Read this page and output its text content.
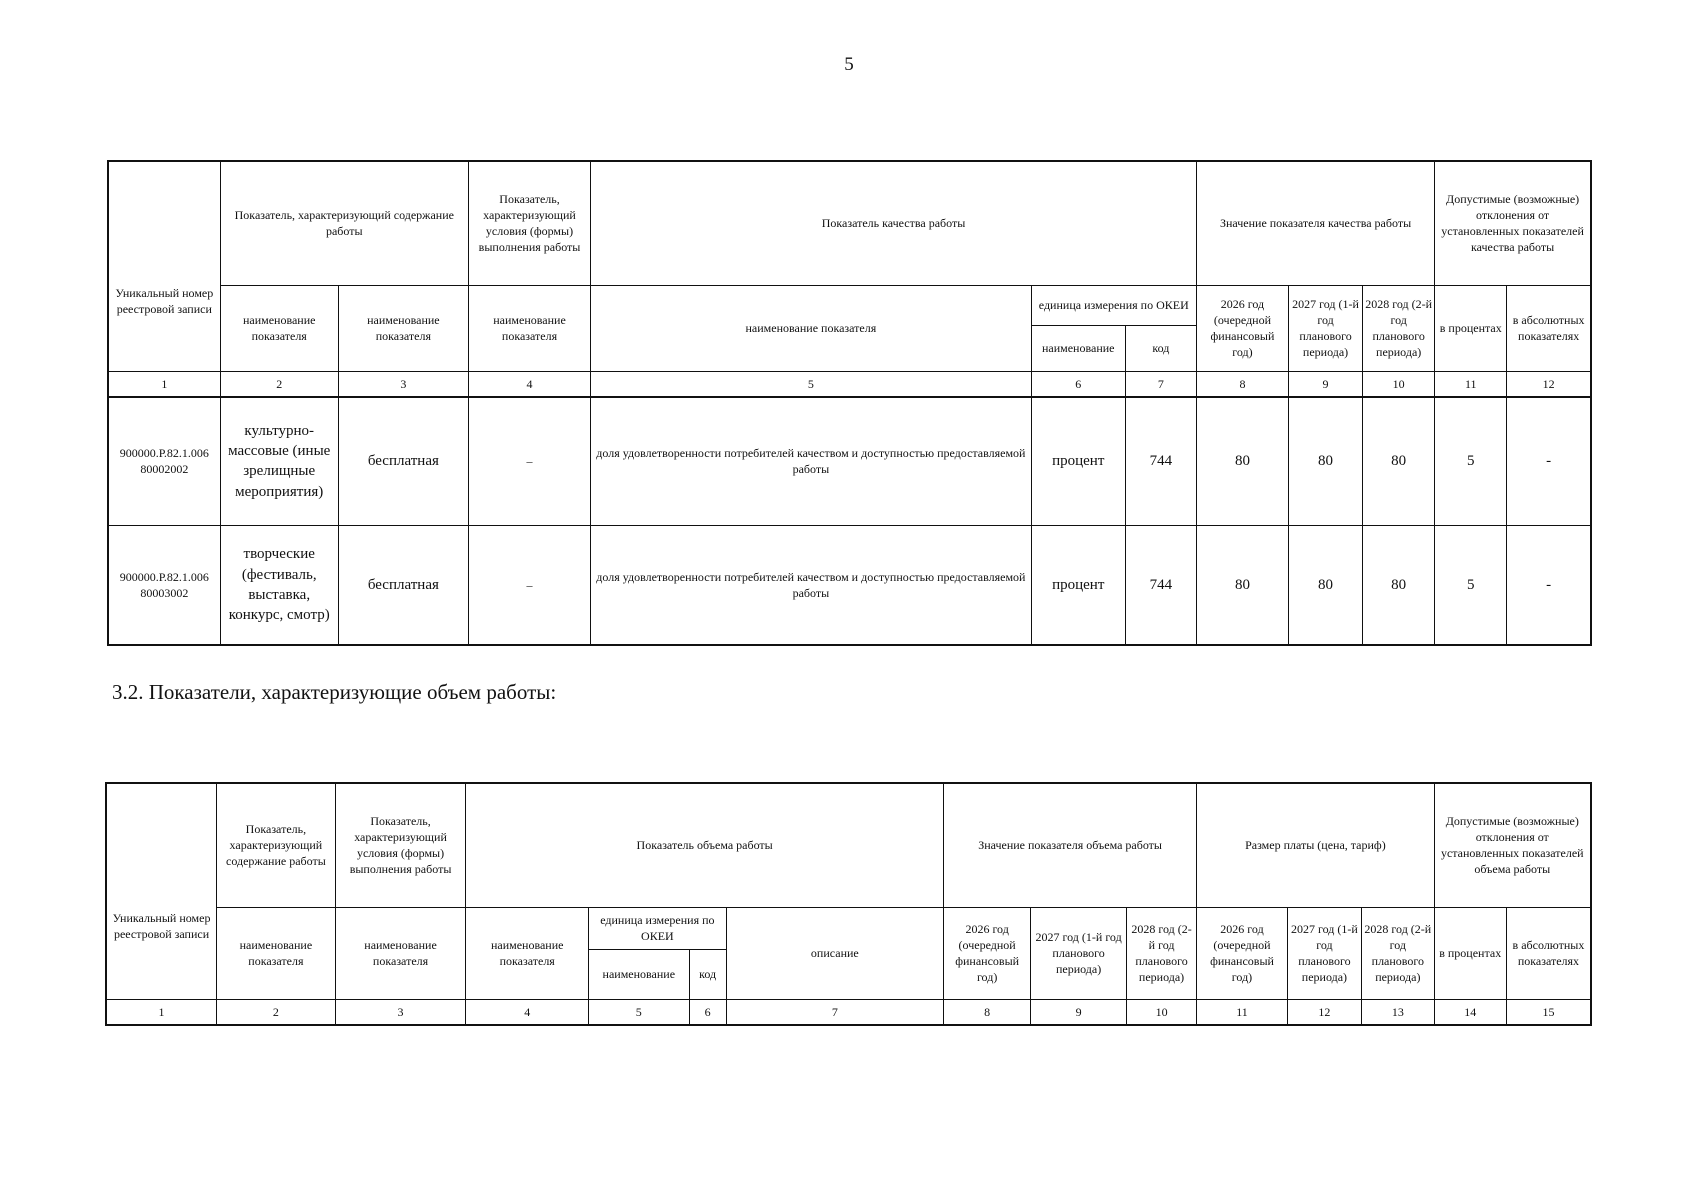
5
Уникальный номер реестровой записи	Показатель, характеризующий содержание работы		Показатель, характеризующий условия (формы) выполнения работы	Показатель качества работы			Значение показателя качества работы			Допустимые (возможные) отклонения от установленных показателей качества работы	
	наименование показателя	наименование показателя	наименование показателя	наименование показателя	единица измерения по ОКЕИ		2026 год (очередной финансовый год)	2027 год (1-й год планового периода)	2028 год (2-й год планового периода)	в процентах	в абсолютных показателях
					наименование	код					
1	2	3	4	5	6	7	8	9	10	11	12
900000.Р.82.1.006 80002002	культурно-массовые (иные зрелищные мероприятия)	бесплатная	–	доля удовлетворенности потребителей качеством и доступностью предоставляемой работы	процент	744	80	80	80	5	-
900000.Р.82.1.006 80003002	творческие (фестиваль, выставка, конкурс, смотр)	бесплатная	–	доля удовлетворенности потребителей качеством и доступностью предоставляемой работы	процент	744	80	80	80	5	-
3.2. Показатели, характеризующие объем работы:
Уникальный номер реестровой записи	Показатель, характеризующий содержание работы	Показатель, характеризующий условия (формы) выполнения работы	Показатель объема работы				Значение показателя объема работы			Размер платы (цена, тариф)			Допустимые (возможные) отклонения от установленных показателей объема работы	
	наименование показателя	наименование показателя	наименование показателя	единица измерения по ОКЕИ		описание	2026 год (очередной финансовый год)	2027 год (1-й год планового периода)	2028 год (2-й год планового периода)	2026 год (очередной финансовый год)	2027 год (1-й год планового периода)	2028 год (2-й год планового периода)	в процентах	в абсолютных показателях
				наименование	код									
1	2	3	4	5	6	7	8	9	10	11	12	13	14	15
